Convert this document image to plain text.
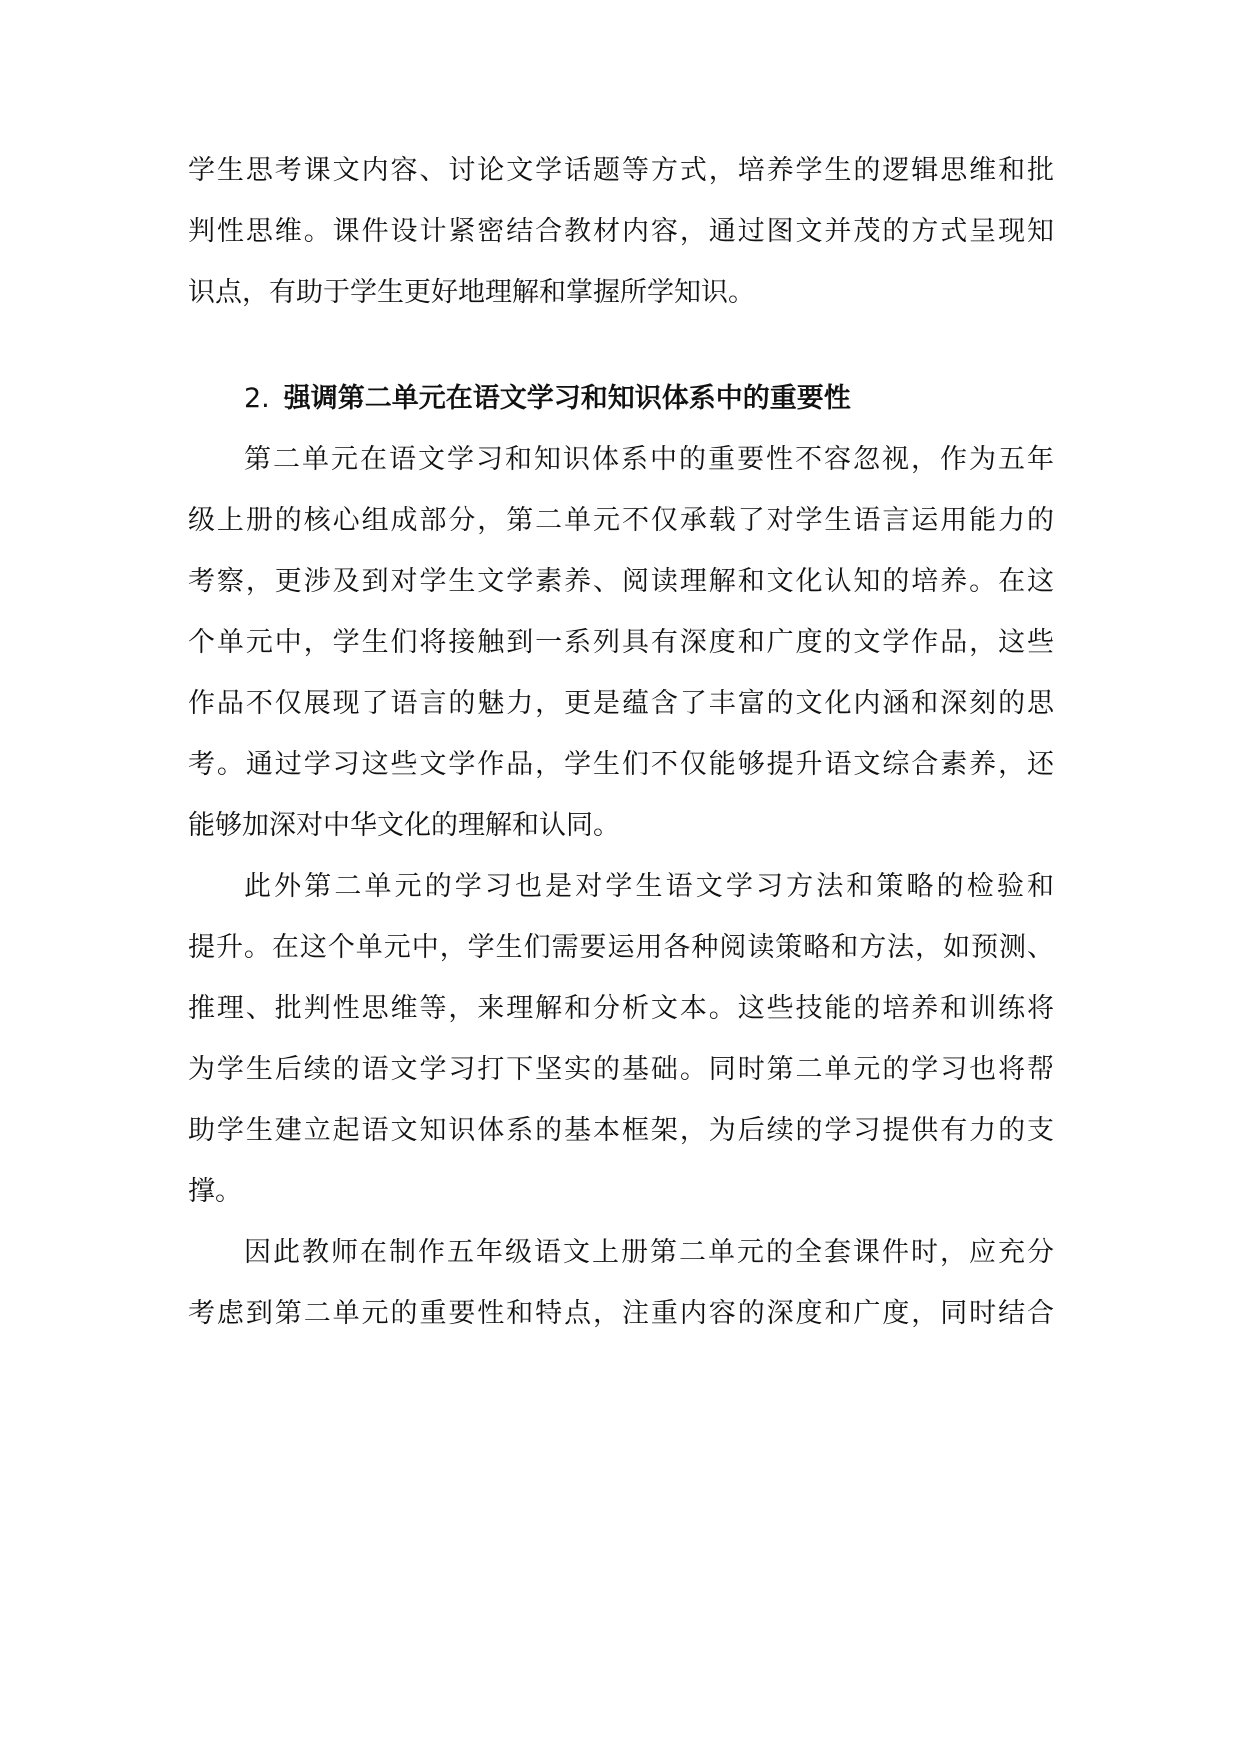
学生思考课文内容、讨论文学话题等方式，培养学生的逻辑思维和批
判性思维。课件设计紧密结合教材内容，通过图文并茂的方式呈现知
识点，有助于学生更好地理解和掌握所学知识。
2. 强调第二单元在语文学习和知识体系中的重要性
第二单元在语文学习和知识体系中的重要性不容忽视，作为五年
级上册的核心组成部分，第二单元不仅承载了对学生语言运用能力的
考察，更涉及到对学生文学素养、阅读理解和文化认知的培养。在这
个单元中，学生们将接触到一系列具有深度和广度的文学作品，这些
作品不仅展现了语言的魅力，更是蕴含了丰富的文化内涵和深刻的思
考。通过学习这些文学作品，学生们不仅能够提升语文综合素养，还
能够加深对中华文化的理解和认同。
此外第二单元的学习也是对学生语文学习方法和策略的检验和
提升。在这个单元中，学生们需要运用各种阅读策略和方法，如预测、
推理、批判性思维等，来理解和分析文本。这些技能的培养和训练将
为学生后续的语文学习打下坚实的基础。同时第二单元的学习也将帮
助学生建立起语文知识体系的基本框架，为后续的学习提供有力的支
撑。
因此教师在制作五年级语文上册第二单元的全套课件时，应充分
考虑到第二单元的重要性和特点，注重内容的深度和广度，同时结合
